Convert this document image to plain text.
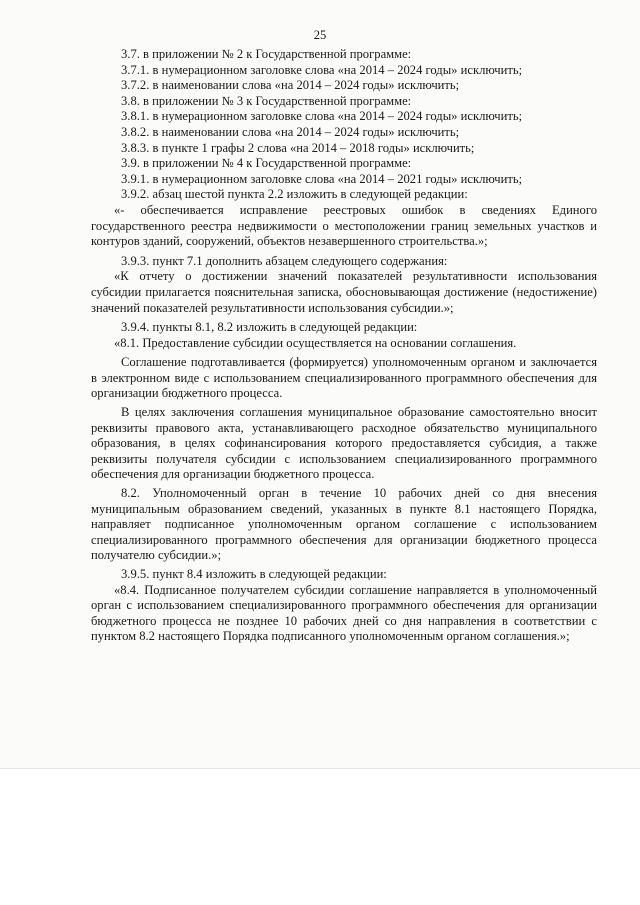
25

3.7. в приложении № 2 к Государственной программе:

3.7.1. в нумерационном заголовке слова «на 2014 – 2024 годы» исключить;

3.7.2. в наименовании слова «на 2014 – 2024 годы» исключить;

3.8. в приложении № 3 к Государственной программе:

3.8.1. в нумерационном заголовке слова «на 2014 – 2024 годы» исключить;

3.8.2. в наименовании слова «на 2014 – 2024 годы» исключить;

3.8.3. в пункте 1 графы 2 слова «на 2014 – 2018 годы» исключить;

3.9. в приложении № 4 к Государственной программе:

3.9.1. в нумерационном заголовке слова «на 2014 – 2021 годы» исключить;

3.9.2. абзац шестой пункта 2.2 изложить в следующей редакции:

«- обеспечивается исправление реестровых ошибок в сведениях Единого государственного реестра недвижимости о местоположении границ земельных участков и контуров зданий, сооружений, объектов незавершенного строительства.»;

3.9.3. пункт 7.1 дополнить абзацем следующего содержания:

«К отчету о достижении значений показателей результативности использования субсидии прилагается пояснительная записка, обосновывающая достижение (недостижение) значений показателей результативности использования субсидии.»;

3.9.4. пункты 8.1, 8.2 изложить в следующей редакции:

«8.1. Предоставление субсидии осуществляется на основании соглашения.

Соглашение подготавливается (формируется) уполномоченным органом и заключается в электронном виде с использованием специализированного программного обеспечения для организации бюджетного процесса.

В целях заключения соглашения муниципальное образование самостоятельно вносит реквизиты правового акта, устанавливающего расходное обязательство муниципального образования, в целях софинансирования которого предоставляется субсидия, а также реквизиты получателя субсидии с использованием специализированного программного обеспечения для организации бюджетного процесса.

8.2. Уполномоченный орган в течение 10 рабочих дней со дня внесения муниципальным образованием сведений, указанных в пункте 8.1 настоящего Порядка, направляет подписанное уполномоченным органом соглашение с использованием специализированного программного обеспечения для организации бюджетного процесса получателю субсидии.»;

3.9.5. пункт 8.4 изложить в следующей редакции:

«8.4. Подписанное получателем субсидии соглашение направляется в уполномоченный орган с использованием специализированного программного обеспечения для организации бюджетного процесса не позднее 10 рабочих дней со дня направления в соответствии с пунктом 8.2 настоящего Порядка подписанного уполномоченным органом соглашения.»;
